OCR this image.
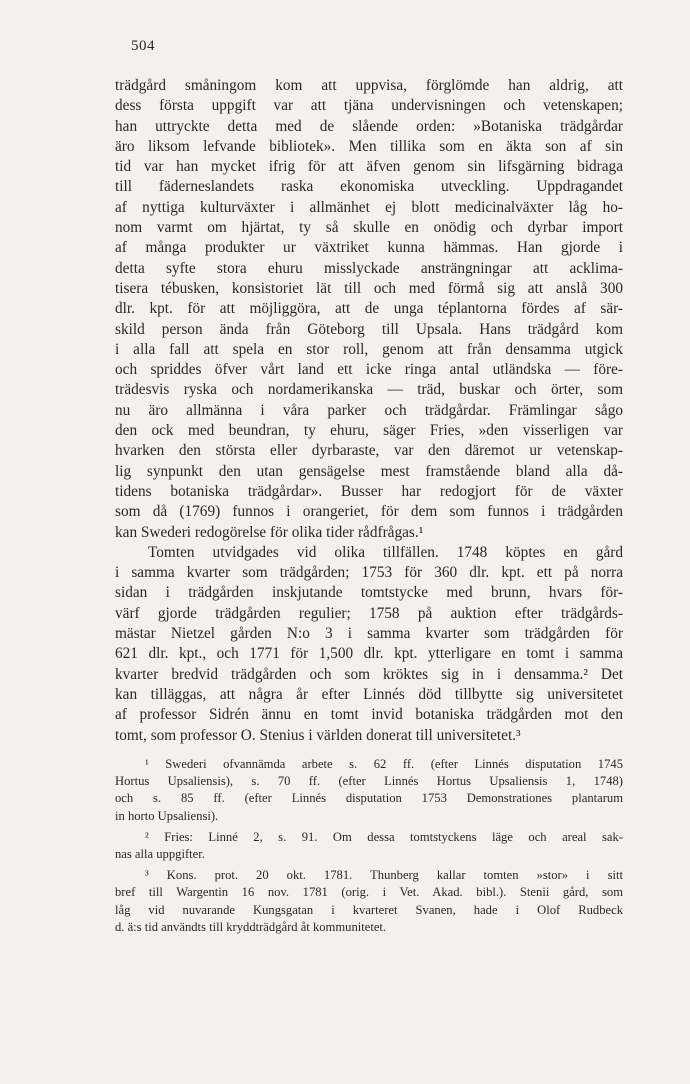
504
trädgård småningom kom att uppvisa, förglömde han aldrig, att
dess första uppgift var att tjäna undervisningen och vetenskapen;
han uttryckte detta med de slående orden: »Botaniska trädgårdar
äro liksom lefvande bibliotek». Men tillika som en äkta son af sin
tid var han mycket ifrig för att äfven genom sin lifsgärning bidraga
till fäderneslandets raska ekonomiska utveckling. Uppdragandet
af nyttiga kulturväxter i allmänhet ej blott medicinalväxter låg ho-
nom varmt om hjärtat, ty så skulle en onödig och dyrbar import
af många produkter ur växtriket kunna hämmas. Han gjorde i
detta syfte stora ehuru misslyckade ansträngningar att acklima-
tisera tébusken, konsistoriet lät till och med förmå sig att anslå 300
dlr. kpt. för att möjliggöra, att de unga téplantorna fördes af sär-
skild person ända från Göteborg till Upsala. Hans trädgård kom
i alla fall att spela en stor roll, genom att från densamma utgick
och spriddes öfver vårt land ett icke ringa antal utländska — före-
trädesvis ryska och nordamerikanska — träd, buskar och örter, som
nu äro allmänna i våra parker och trädgårdar. Främlingar sågo
den ock med beundran, ty ehuru, säger Fries, »den visserligen var
hvarken den största eller dyrbaraste, var den däremot ur vetenskap-
lig synpunkt den utan gensägelse mest framstående bland alla då-
tidens botaniska trädgårdar». Busser har redogjort för de växter
som då (1769) funnos i orangeriet, för dem som funnos i trädgården
kan Swederi redogörelse för olika tider rådfrågas.¹
Tomten utvidgades vid olika tillfällen. 1748 köptes en gård
i samma kvarter som trädgården; 1753 för 360 dlr. kpt. ett på norra
sidan i trädgården inskjutande tomtstycke med brunn, hvars för-
värf gjorde trädgården regulier; 1758 på auktion efter trädgårds-
mästar Nietzel gården N:o 3 i samma kvarter som trädgården för
621 dlr. kpt., och 1771 för 1,500 dlr. kpt. ytterligare en tomt i samma
kvarter bredvid trädgården och som kröktes sig in i densamma.² Det
kan tilläggas, att några år efter Linnés död tillbytte sig universitetet
af professor Sidrén ännu en tomt invid botaniska trädgården mot den
tomt, som professor O. Stenius i världen donerat till universitetet.³
¹ Swederi ofvannämda arbete s. 62 ff. (efter Linnés disputation 1745
Hortus Upsaliensis), s. 70 ff. (efter Linnés Hortus Upsaliensis 1, 1748)
och s. 85 ff. (efter Linnés disputation 1753 Demonstrationes plantarum
in horto Upsaliensi).
² Fries: Linné 2, s. 91. Om dessa tomtstyckens läge och areal sak-
nas alla uppgifter.
³ Kons. prot. 20 okt. 1781. Thunberg kallar tomten »stor» i sitt
bref till Wargentin 16 nov. 1781 (orig. i Vet. Akad. bibl.). Stenii gård, som
låg vid nuvarande Kungsgatan i kvarteret Svanen, hade i Olof Rudbeck
d. ä:s tid användts till kryddträdgård åt kommunitetet.
